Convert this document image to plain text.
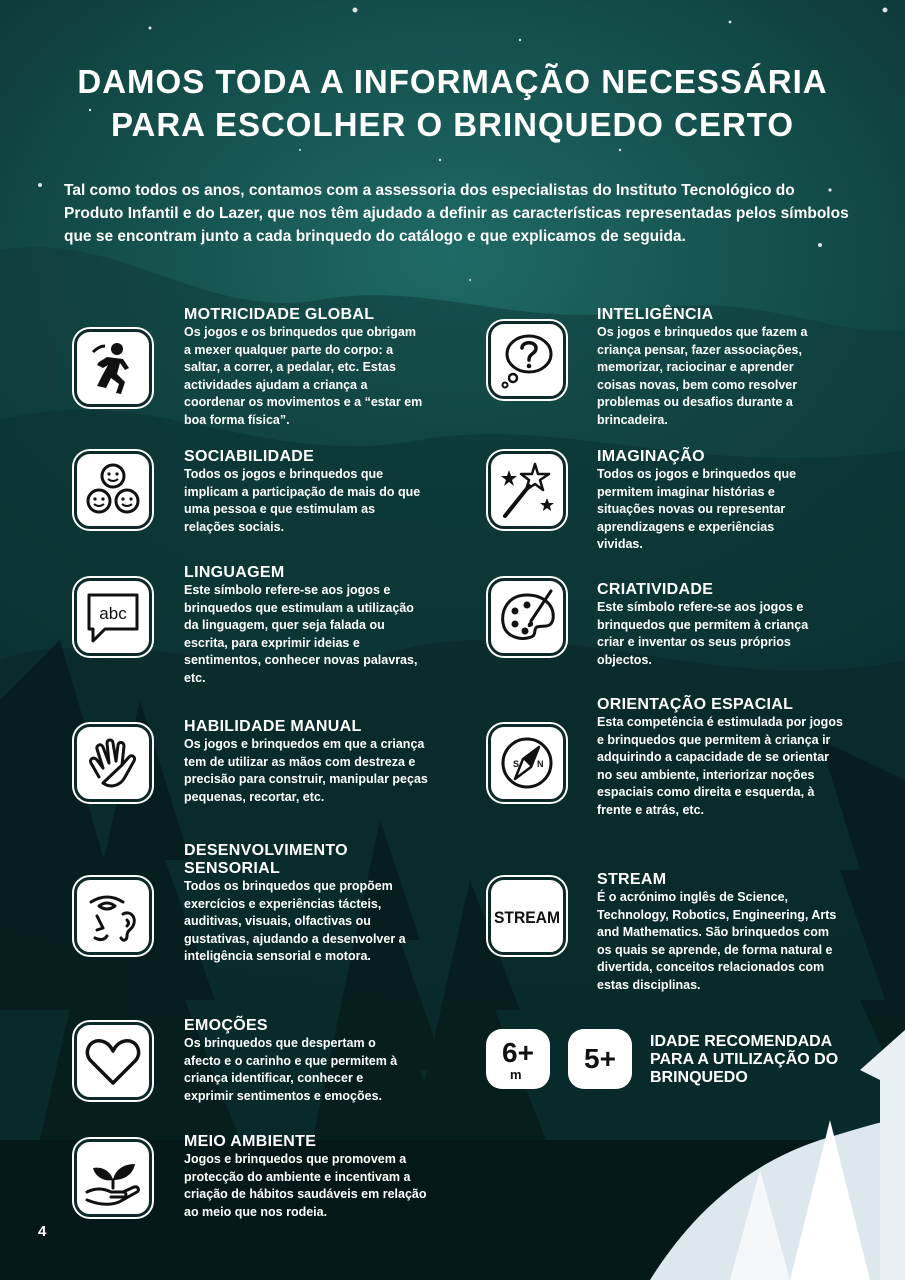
DAMOS TODA A INFORMAÇÃO NECESSÁRIA
PARA ESCOLHER O BRINQUEDO CERTO

Tal como todos os anos, contamos com a assessoria dos especialistas do Instituto Tecnológico do Produto Infantil e do Lazer, que nos têm ajudado a definir as características representadas pelos símbolos que se encontram junto a cada brinquedo do catálogo e que explicamos de seguida.

MOTRICIDADE GLOBAL

Os jogos e os brinquedos que obrigam a mexer qualquer parte do corpo: a saltar, a correr, a pedalar, etc. Estas actividades ajudam a criança a coordenar os movimentos e a “estar em boa forma física”.

SOCIABILIDADE

Todos os jogos e brinquedos que implicam a participação de mais do que uma pessoa e que estimulam as relações sociais.

abc
LINGUAGEM

Este símbolo refere-se aos jogos e brinquedos que estimulam a utilização da linguagem, quer seja falada ou escrita, para exprimir ideias e sentimentos, conhecer novas palavras, etc.

HABILIDADE MANUAL

Os jogos e brinquedos em que a criança tem de utilizar as mãos com destreza e precisão para construir, manipular peças pequenas, recortar, etc.

DESENVOLVIMENTO SENSORIAL

Todos os brinquedos que propõem exercícios e experiências tácteis, auditivas, visuais, olfactivas ou gustativas, ajudando a desenvolver a inteligência sensorial e motora.

EMOÇÕES

Os brinquedos que despertam o afecto e o carinho e que permitem à criança identificar, conhecer e exprimir sentimentos e emoções.

MEIO AMBIENTE

Jogos e brinquedos que promovem a protecção do ambiente e incentivam a criação de hábitos saudáveis em relação ao meio que nos rodeia.

INTELIGÊNCIA

Os jogos e brinquedos que fazem a criança pensar, fazer associações, memorizar, raciocinar e aprender coisas novas, bem como resolver problemas ou desafios durante a brincadeira.

IMAGINAÇÃO

Todos os jogos e brinquedos que permitem imaginar histórias e situações novas ou representar aprendizagens e experiências vividas.

CRIATIVIDADE

Este símbolo refere-se aos jogos e brinquedos que permitem à criança criar e inventar os seus próprios objectos.

N
S
ORIENTAÇÃO ESPACIAL

Esta competência é estimulada por jogos e brinquedos que permitem à criança ir adquirindo a capacidade de se orientar no seu ambiente, interiorizar noções espaciais como direita e esquerda, à frente e atrás, etc.

STREAM
STREAM

É o acrónimo inglês de Science, Technology, Robotics, Engineering, Arts and Mathematics. São brinquedos com os quais se aprende, de forma natural e divertida, conceitos relacionados com estas disciplinas.

6+
m
5+

IDADE RECOMENDADA PARA A UTILIZAÇÃO DO BRINQUEDO

4
